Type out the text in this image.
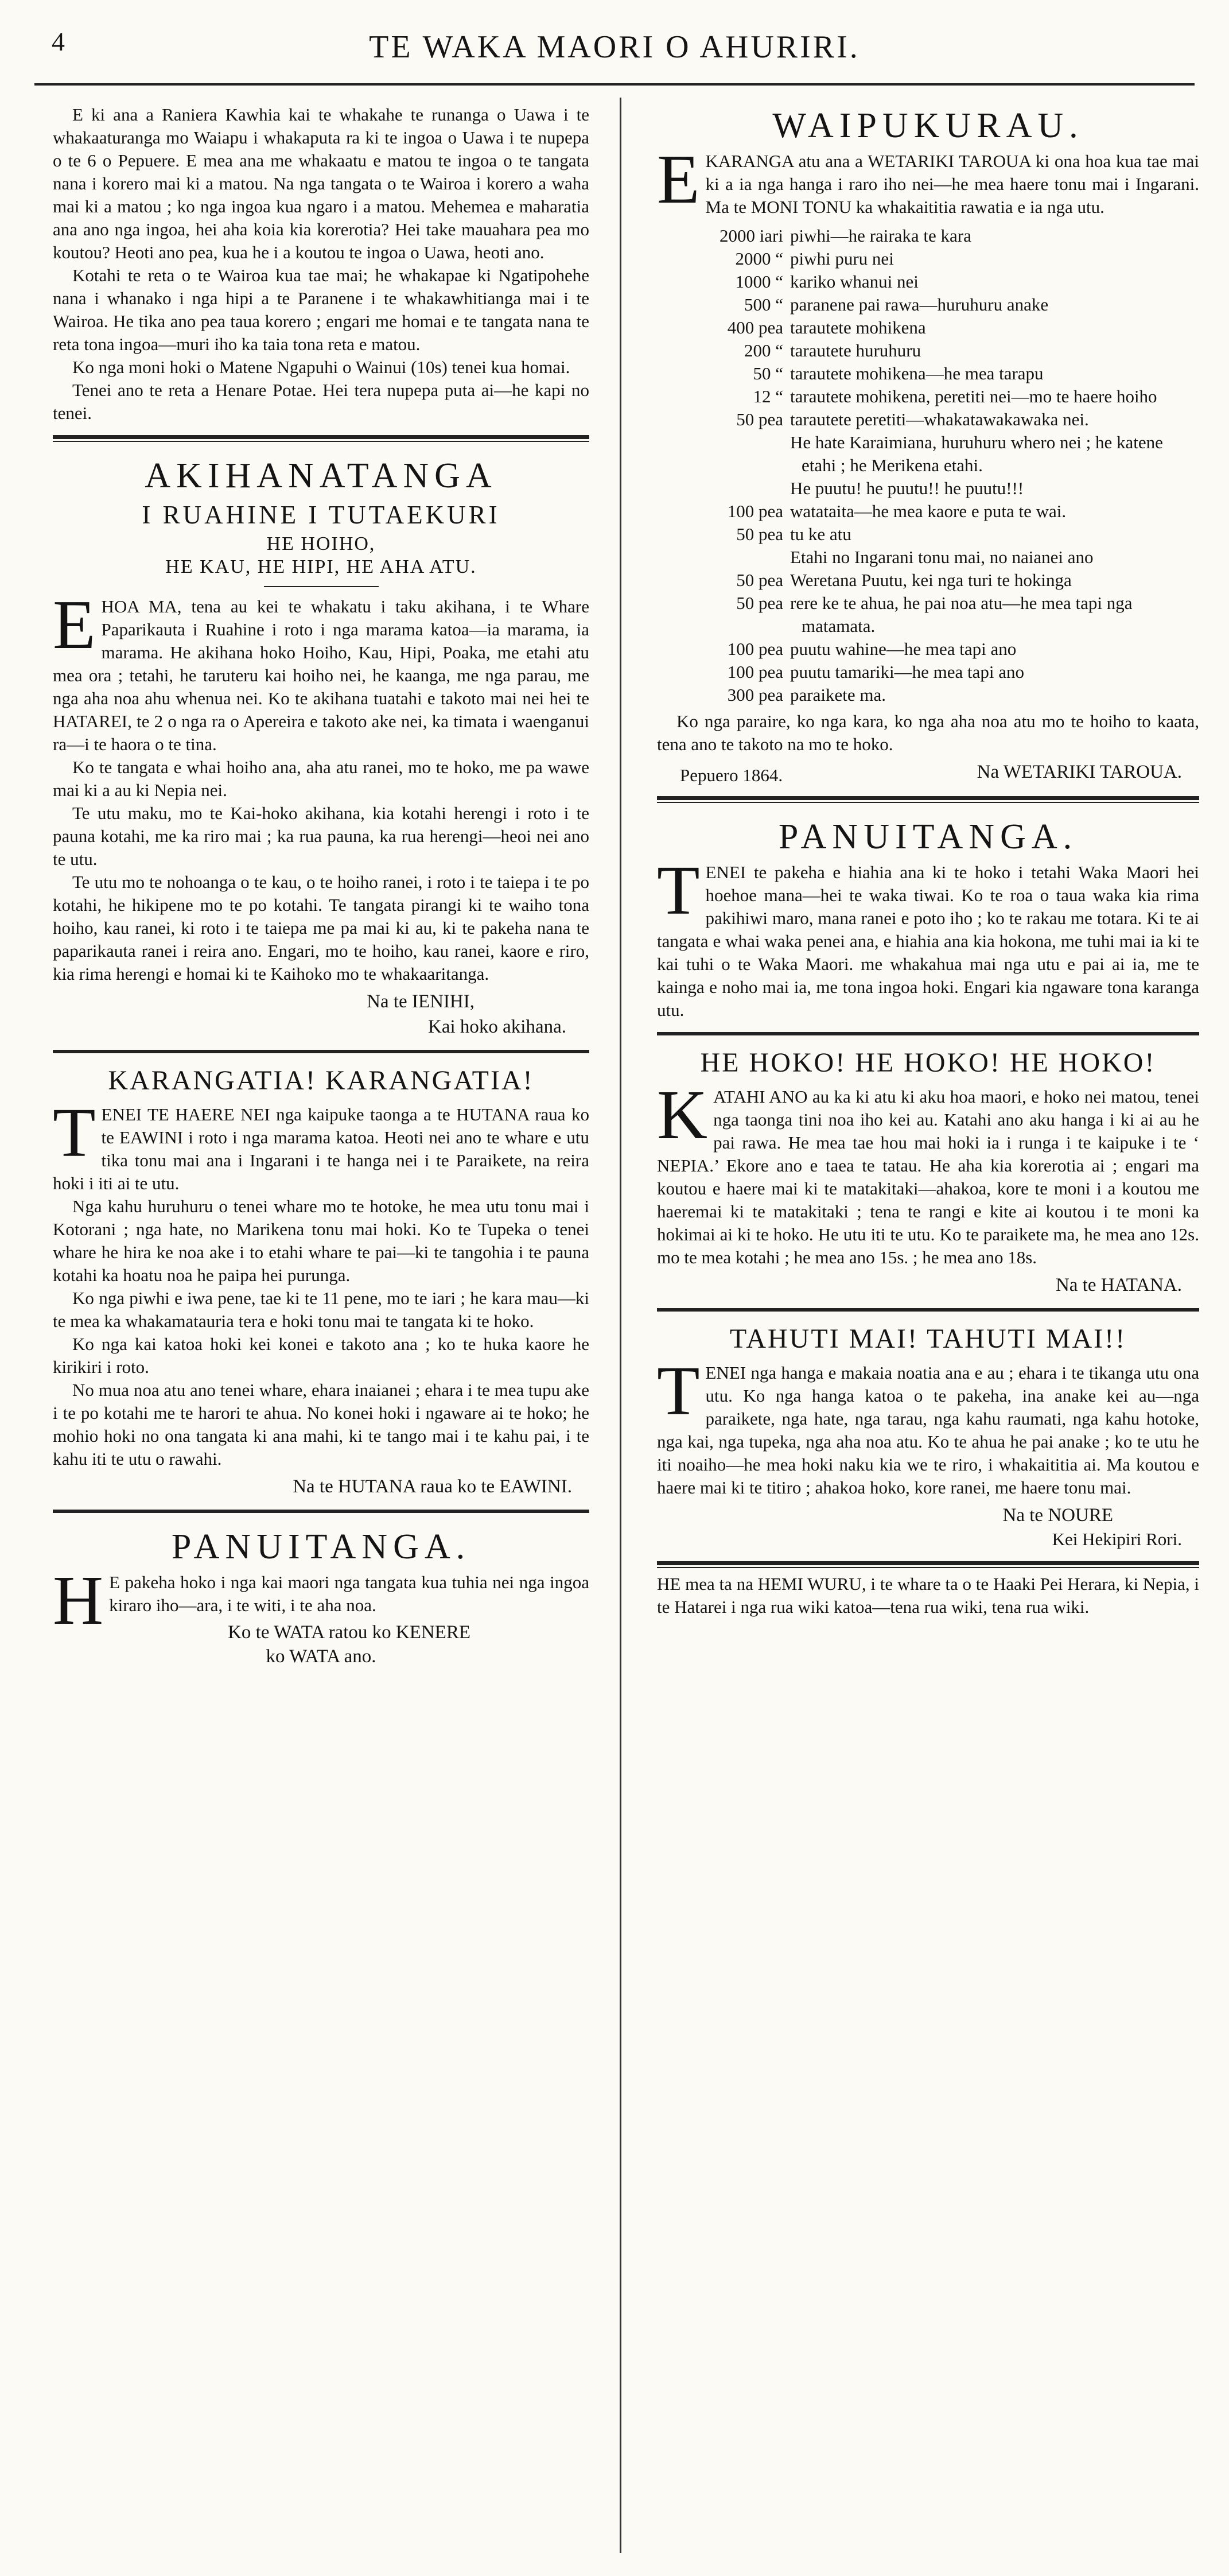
4	TE WAKA MAORI O AHURIRI.

E ki ana a Raniera Kawhia kai te whakahe te runanga o Uawa i te whakaaturanga mo Waiapu i whakaputa ra ki te ingoa o Uawa i te nupepa o te 6 o Pepuere. E mea ana me whakaatu e matou te ingoa o te tangata nana i korero mai ki a matou. Na nga tangata o te Wairoa i korero a waha mai ki a matou ; ko nga ingoa kua ngaro i a matou. Mehemea e maharatia ana ano nga ingoa, hei aha koia kia korerotia? Hei take mauahara pea mo koutou? Heoti ano pea, kua he i a koutou te ingoa o Uawa, heoti ano.

Kotahi te reta o te Wairoa kua tae mai; he whakapae ki Ngatipohehe nana i whanako i nga hipi a te Paranene i te whakawhitianga mai i te Wairoa. He tika ano pea taua korero ; engari me homai e te tangata nana te reta tona ingoa—muri iho ka taia tona reta e matou.

Ko nga moni hoki o Matene Ngapuhi o Wainui (10s) tenei kua homai.

Tenei ano te reta a Henare Potae. Hei tera nupepa puta ai—he kapi no tenei.

AKIHANATANGA
I RUAHINE I TUTAEKURI
HE HOIHO,
HE KAU, HE HIPI, HE AHA ATU.

EHOA MA, tena au kei te whakatu i taku akihana, i te Whare Paparikauta i Ruahine i roto i nga marama katoa—ia marama, ia marama. He akihana hoko Hoiho, Kau, Hipi, Poaka, me etahi atu mea ora ; tetahi, he taruteru kai hoiho nei, he kaanga, me nga parau, me nga aha noa ahu whenua nei. Ko te akihana tuatahi e takoto mai nei hei te HATAREI, te 2 o nga ra o Apereira e takoto ake nei, ka timata i waenganui ra—i te haora o te tina.

Ko te tangata e whai hoiho ana, aha atu ranei, mo te hoko, me pa wawe mai ki a au ki Nepia nei.

Te utu maku, mo te Kai-hoko akihana, kia kotahi herengi i roto i te pauna kotahi, me ka riro mai ; ka rua pauna, ka rua herengi—heoi nei ano te utu.

Te utu mo te nohoanga o te kau, o te hoiho ranei, i roto i te taiepa i te po kotahi, he hikipene mo te po kotahi. Te tangata pirangi ki te waiho tona hoiho, kau ranei, ki roto i te taiepa me pa mai ki au, ki te pakeha nana te paparikauta ranei i reira ano. Engari, mo te hoiho, kau ranei, kaore e riro, kia rima herengi e homai ki te Kaihoko mo te whakaaritanga.

Na te IENIHI,
Kai hoko akihana.
KARANGATIA! KARANGATIA!

TENEI TE HAERE NEI nga kaipuke taonga a te HUTANA raua ko te EAWINI i roto i nga marama katoa. Heoti nei ano te whare e utu tika tonu mai ana i Ingarani i te hanga nei i te Paraikete, na reira hoki i iti ai te utu.

Nga kahu huruhuru o tenei whare mo te hotoke, he mea utu tonu mai i Kotorani ; nga hate, no Marikena tonu mai hoki. Ko te Tupeka o tenei whare he hira ke noa ake i to etahi whare te pai—ki te tangohia i te pauna kotahi ka hoatu noa he paipa hei purunga.

Ko nga piwhi e iwa pene, tae ki te 11 pene, mo te iari ; he kara mau—ki te mea ka whakamatauria tera e hoki tonu mai te tangata ki te hoko.

Ko nga kai katoa hoki kei konei e takoto ana ; ko te huka kaore he kirikiri i roto.

No mua noa atu ano tenei whare, ehara inaianei ; ehara i te mea tupu ake i te po kotahi me te harori te ahua. No konei hoki i ngaware ai te hoko; he mohio hoki no ona tangata ki ana mahi, ki te tango mai i te kahu pai, i te kahu iti te utu o rawahi.

Na te HUTANA raua ko te EAWINI.
PANUITANGA.

H E pakeha hoko i nga kai maori nga tangata kua tuhia nei nga ingoa kiraro iho—ara, i te witi, i te aha noa.

Ko te WATA ratou ko KENERE
ko WATA ano.
WAIPUKURAU.

EKARANGA atu ana a WETARIKI TAROUA ki ona hoa kua tae mai ki a ia nga hanga i raro iho nei—he mea haere tonu mai i Ingarani. Ma te MONI TONU ka whakaititia rawatia e ia nga utu.

2000 iari piwhi—he rairaka te kara
2000 “ piwhi puru nei
1000 “ kariko whanui nei
500 “ paranene pai rawa—huruhuru anake
400 pea tarautete mohikena
200 “ tarautete huruhuru
50 “ tarautete mohikena—he mea tarapu
12 “ tarautete mohikena, peretiti nei—mo te haere hoiho
50 pea tarautete peretiti—whakatawakawaka nei.
He hate Karaimiana, huruhuru whero nei ; he katene etahi ; he Merikena etahi.
He puutu! he puutu!! he puutu!!!
100 pea watataita—he mea kaore e puta te wai.
50 pea tu ke atu
Etahi no Ingarani tonu mai, no naianei ano
50 pea Weretana Puutu, kei nga turi te hokinga
50 pea rere ke te ahua, he pai noa atu—he mea tapi nga matamata.
100 pea puutu wahine—he mea tapi ano
100 pea puutu tamariki—he mea tapi ano
300 pea paraikete ma.

Ko nga paraire, ko nga kara, ko nga aha noa atu mo te hoiho to kaata, tena ano te takoto na mo te hoko.

Na WETARIKI TAROUA.
Pepuero 1864.
PANUITANGA.

TENEI te pakeha e hiahia ana ki te hoko i tetahi Waka Maori hei hoehoe mana—hei te waka tiwai. Ko te roa o taua waka kia rima pakihiwi maro, mana ranei e poto iho ; ko te rakau me totara. Ki te ai tangata e whai waka penei ana, e hiahia ana kia hokona, me tuhi mai ia ki te kai tuhi o te Waka Maori. me whakahua mai nga utu e pai ai ia, me te kainga e noho mai ia, me tona ingoa hoki. Engari kia ngaware tona karanga utu.

HE HOKO! HE HOKO! HE HOKO!

KATAHI ANO au ka ki atu ki aku hoa maori, e hoko nei matou, tenei nga taonga tini noa iho kei au. Katahi ano aku hanga i ki ai au he pai rawa. He mea tae hou mai hoki ia i runga i te kaipuke i te ‘ NEPIA.’ Ekore ano e taea te tatau. He aha kia korerotia ai ; engari ma koutou e haere mai ki te matakitaki—ahakoa, kore te moni i a koutou me haeremai ki te matakitaki ; tena te rangi e kite ai koutou i te moni ka hokimai ai ki te hoko. He utu iti te utu. Ko te paraikete ma, he mea ano 12s. mo te mea kotahi ; he mea ano 15s. ; he mea ano 18s.

Na te HATANA.
TAHUTI MAI! TAHUTI MAI!!

TENEI nga hanga e makaia noatia ana e au ; ehara i te tikanga utu ona utu. Ko nga hanga katoa o te pakeha, ina anake kei au—nga paraikete, nga hate, nga tarau, nga kahu raumati, nga kahu hotoke, nga kai, nga tupeka, nga aha noa atu. Ko te ahua he pai anake ; ko te utu he iti noaiho—he mea hoki naku kia we te riro, i whakaititia ai. Ma koutou e haere mai ki te titiro ; ahakoa hoko, kore ranei, me haere tonu mai.

Na te NOURE
Kei Hekipiri Rori.
HE mea ta na HEMI WURU, i te whare ta o te Haaki Pei Herara, ki Nepia, i te Hatarei i nga rua wiki katoa—tena rua wiki, tena rua wiki.
